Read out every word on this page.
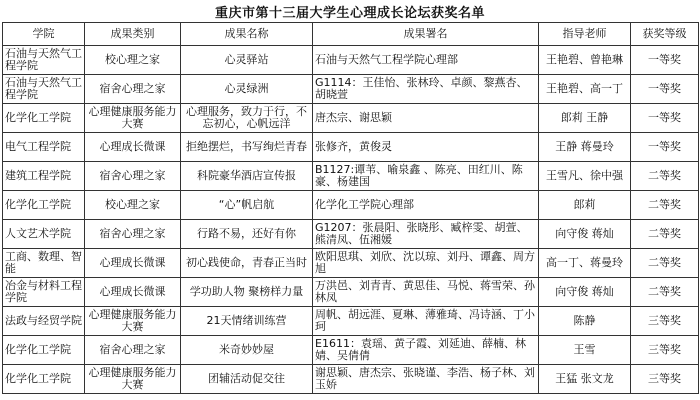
重庆市第十三届大学生心理成长论坛获奖名单
学院	成果类别	成果名称	成果署名	指导老师	获奖等级
石油与天然气工程学院	校心理之家	心灵驿站	石油与天然气工程学院心理部	王艳碧、曾艳琳	一等奖
石油与天然气工程学院	宿舍心理之家	心灵绿洲	G1114：王佳怡、张林玲、卓颜、黎燕杏、胡晓萱	王艳碧、高一丁	一等奖
化学化工学院	心理健康服务能力大赛	心理服务，致力于行，不忘初心，心帆远洋	唐杰宗、谢思颖	郎莉 王静	一等奖
电气工程学院	心理成长微课	拒绝摆烂，书写绚烂青春	张修齐，黄俊灵	王静 蒋曼玲	一等奖
建筑工程学院	宿舍心理之家	科院豪华酒店宣传报	B1127:谭苇、喻泉鑫 、陈亮、田红川、陈豪、杨建国	王雪凡、徐中强	二等奖
化学化工学院	校心理之家	“心”帆启航	化学化工学院心理部	郎莉	二等奖
人文艺术学院	宿舍心理之家	行路不易，还好有你	G1207：张晨阳、张晓彤、臧梓雯、胡萱、熊清凤、伍湘媛	向守俊 蒋灿	二等奖
工商、数理、智能	心理成长微课	初心践使命，青春正当时	欧阳思琪、刘欣、沈以琼、刘丹、谭鑫、周方旭	高一丁、蒋曼玲	二等奖
冶金与材料工程学院	心理成长微课	学功助人物 聚榜样力量	万洪邑、刘青青、黄思佳、马悦、蒋雪荣、孙林凤	向守俊 蒋灿	二等奖
法政与经贸学院	心理健康服务能力大赛	21天情绪训练营	周帆、胡远涯、夏琳、薄雅琦、冯诗涵、丁小珂	陈静	三等奖
化学化工学院	宿舍心理之家	米奇妙妙屋	E1611：袁瑶、黄子霞、刘延迪、薛楠、林婧、吴倩倩	王雪	三等奖
化学化工学院	心理健康服务能力大赛	团辅活动促交往	谢思颖、唐杰宗、张晓谨、李浩、杨子林、刘玉娇	王猛 张文龙	三等奖
